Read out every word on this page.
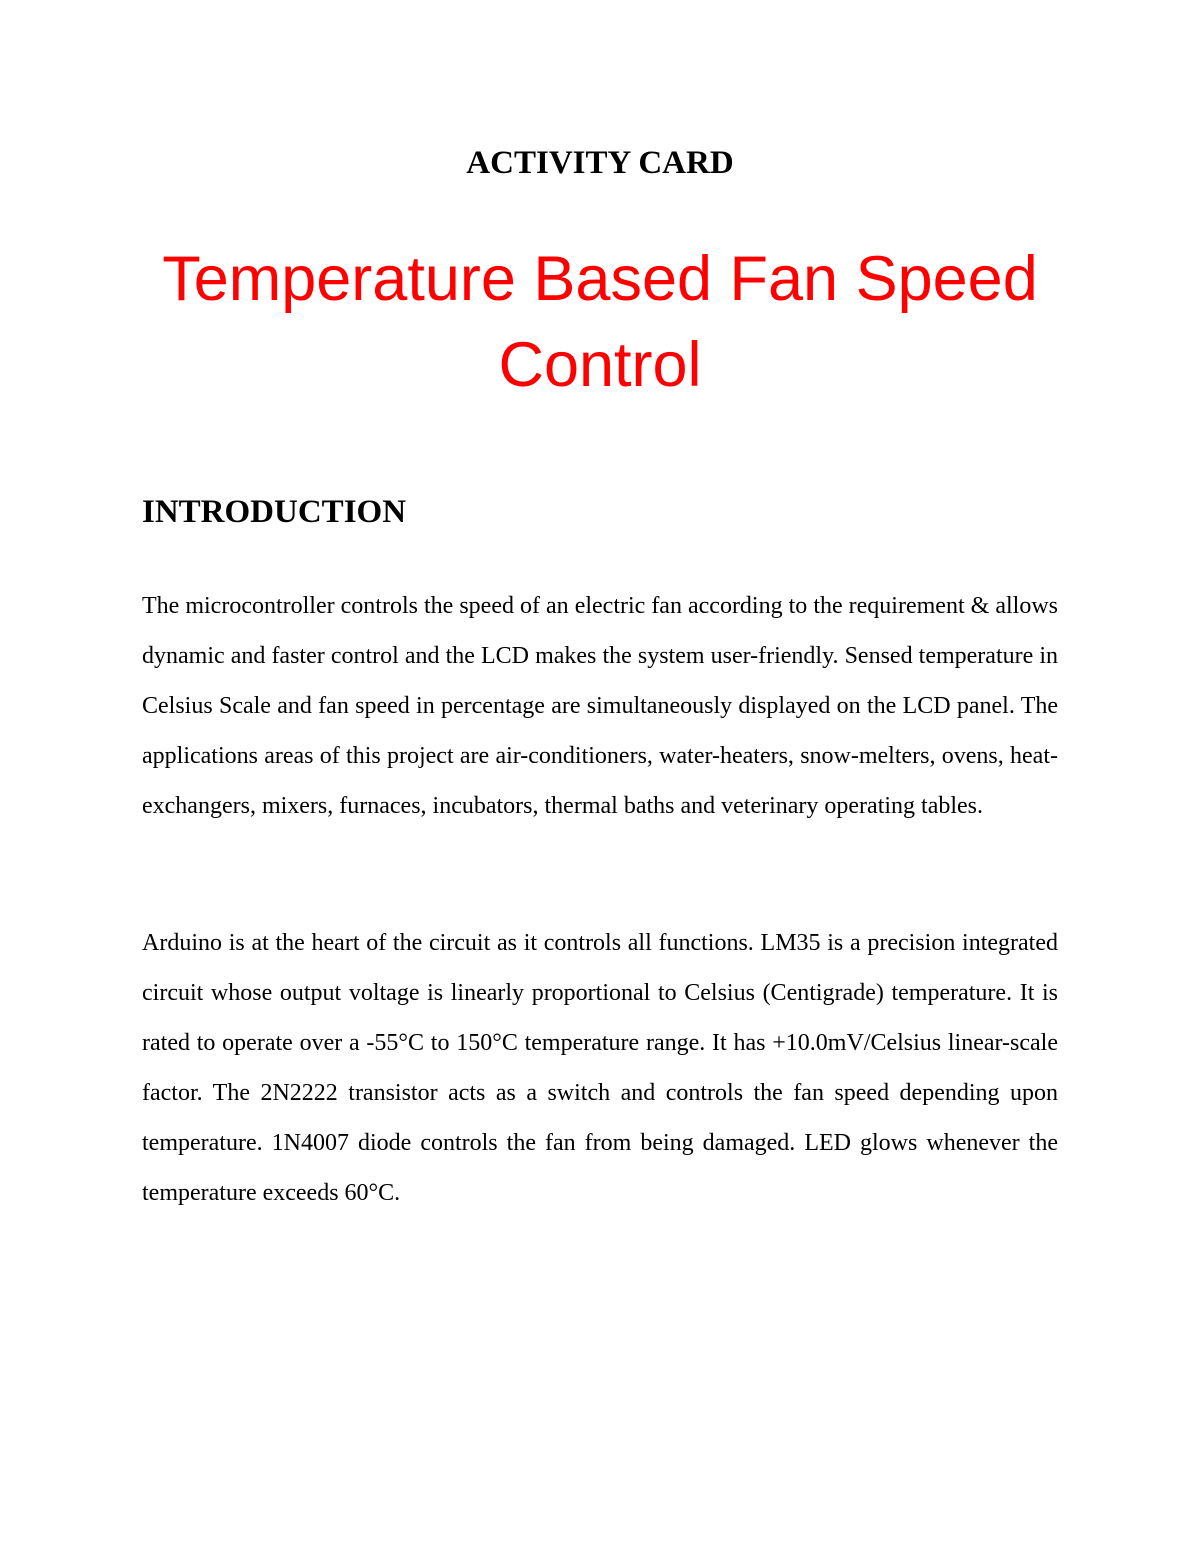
ACTIVITY CARD
Temperature Based Fan Speed Control
INTRODUCTION

The microcontroller controls the speed of an electric fan according to the requirement & allows dynamic and faster control and the LCD makes the system user-friendly. Sensed temperature in Celsius Scale and fan speed in percentage are simultaneously displayed on the LCD panel. The applications areas of this project are air-conditioners, water-heaters, snow-melters, ovens, heat-exchangers, mixers, furnaces, incubators, thermal baths and veterinary operating tables.

Arduino is at the heart of the circuit as it controls all functions. LM35 is a precision integrated circuit whose output voltage is linearly proportional to Celsius (Centigrade) temperature. It is rated to operate over a -55°C to 150°C temperature range. It has +10.0mV/Celsius linear-scale factor. The 2N2222 transistor acts as a switch and controls the fan speed depending upon temperature. 1N4007 diode controls the fan from being damaged. LED glows whenever the temperature exceeds 60°C.
